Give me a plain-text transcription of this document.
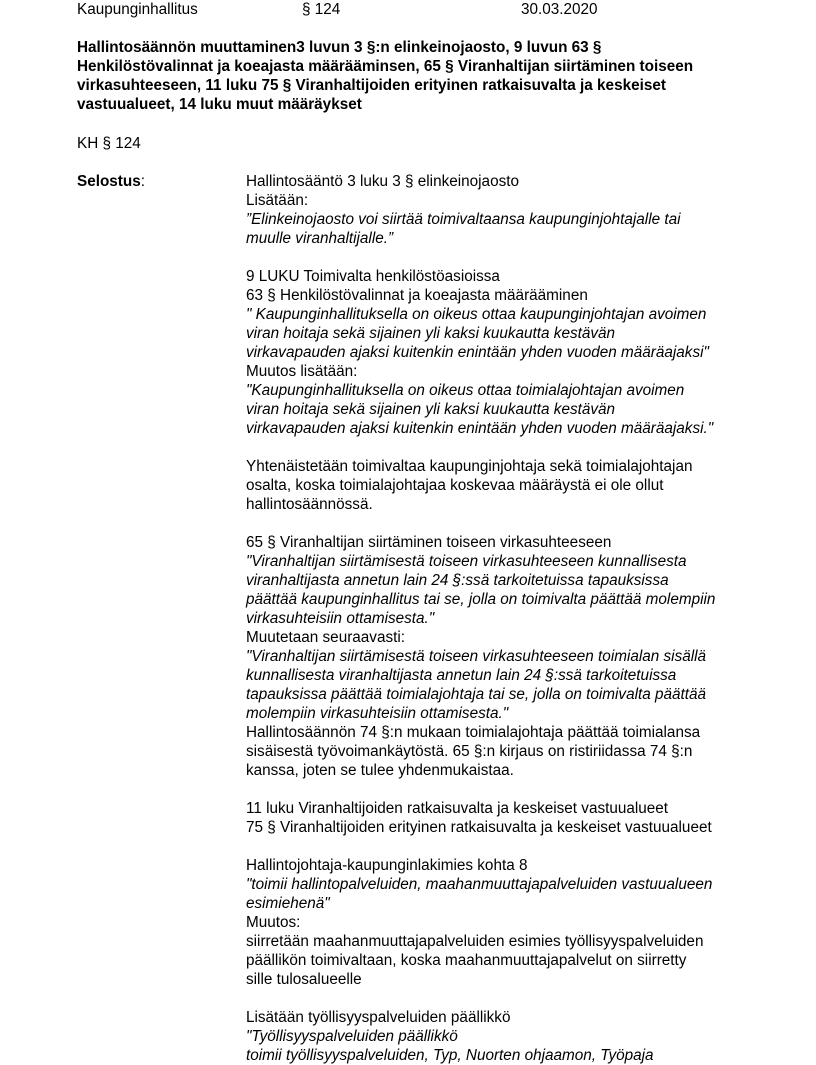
Kaupunginhallitus	§ 124	30.03.2020
Hallintosäännön muuttaminen3 luvun 3 §:n elinkeinojaosto, 9 luvun 63 §
Henkilöstövalinnat ja koeajasta määrääminsen, 65 § Viranhaltijan siirtäminen toiseen
virkasuhteeseen, 11 luku 75 § Viranhaltijoiden erityinen ratkaisuvalta ja keskeiset
vastuualueet, 14 luku muut määräykset
KH § 124
Selostus:	Hallintosääntö 3 luku 3 § elinkeinojaosto
Lisätään:
”Elinkeinojaosto voi siirtää toimivaltaansa kaupunginjohtajalle tai
muulle viranhaltijalle.”
9 LUKU Toimivalta henkilöstöasioissa
63 § Henkilöstövalinnat ja koeajasta määrääminen
" Kaupunginhallituksella on oikeus ottaa kaupunginjohtajan avoimen
viran hoitaja sekä sijainen yli kaksi kuukautta kestävän
virkavapauden ajaksi kuitenkin enintään yhden vuoden määräajaksi"
Muutos lisätään:
"Kaupunginhallituksella on oikeus ottaa toimialajohtajan avoimen
viran hoitaja sekä sijainen yli kaksi kuukautta kestävän
virkavapauden ajaksi kuitenkin enintään yhden vuoden määräajaksi."
Yhtenäistetään toimivaltaa kaupunginjohtaja sekä toimialajohtajan
osalta, koska toimialajohtajaa koskevaa määräystä ei ole ollut
hallintosäännössä.
65 § Viranhaltijan siirtäminen toiseen virkasuhteeseen
"Viranhaltijan siirtämisestä toiseen virkasuhteeseen kunnallisesta
viranhaltijasta annetun lain 24 §:ssä tarkoitetuissa tapauksissa
päättää kaupunginhallitus tai se, jolla on toimivalta päättää molempiin
virkasuhteisiin ottamisesta."
Muutetaan seuraavasti:
"Viranhaltijan siirtämisestä toiseen virkasuhteeseen toimialan sisällä
kunnallisesta viranhaltijasta annetun lain 24 §:ssä tarkoitetuissa
tapauksissa päättää toimialajohtaja tai se, jolla on toimivalta päättää
molempiin virkasuhteisiin ottamisesta."
Hallintosäännön 74 §:n mukaan toimialajohtaja päättää toimialansa
sisäisestä työvoimankäytöstä. 65 §:n kirjaus on ristiriidassa 74 §:n
kanssa, joten se tulee yhdenmukaistaa.
11 luku Viranhaltijoiden ratkaisuvalta ja keskeiset vastuualueet
75 § Viranhaltijoiden erityinen ratkaisuvalta ja keskeiset vastuualueet
Hallintojohtaja-kaupunginlakimies kohta 8
"toimii hallintopalveluiden, maahanmuuttajapalveluiden vastuualueen
esimiehenä"
Muutos:
siirretään maahanmuuttajapalveluiden esimies työllisyyspalveluiden
päällikön toimivaltaan, koska maahanmuuttajapalvelut on siirretty
sille tulosalueelle
Lisätään työllisyyspalveluiden päällikkö
"Työllisyyspalveluiden päällikkö
toimii työllisyyspalveluiden, Typ, Nuorten ohjaamon, Työpaja
